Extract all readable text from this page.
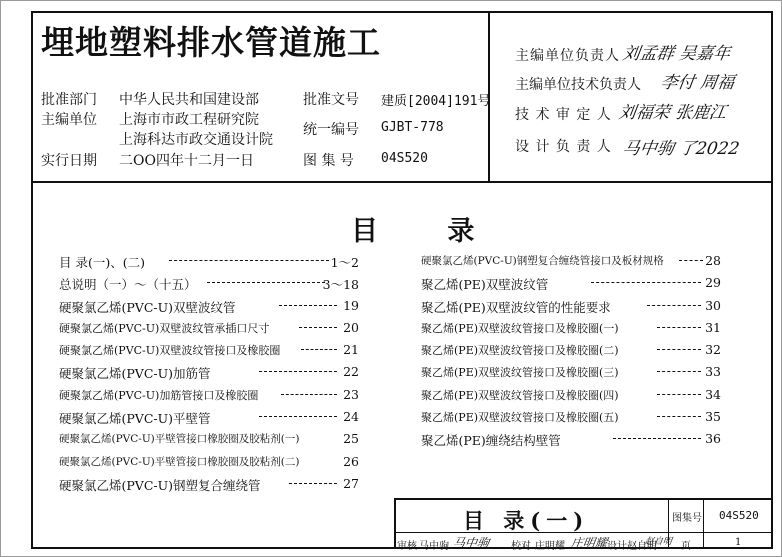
埋地塑料排水管道施工
批准部门 中华人民共和国建设部
主编单位 上海市市政工程研究院
上海科达市政交通设计院
实行日期 二OO四年十二月一日
批准文号 建质[2004]191号
统一编号 GJBT-778
图 集 号 04S520
主编单位负责人 刘孟群 吴嘉年
主编单位技术负责人 李付 周福
技 术 审 定 人 刘福荣 张鹿江
设 计 负 责 人 马中驹 了2022
目 录
目 录(一)、(二)	1～2
总说明（一）～（十五）	3～18
硬聚氯乙烯(PVC-U)双壁波纹管	19
硬聚氯乙烯(PVC-U)双壁波纹管承插口尺寸	20
硬聚氯乙烯(PVC-U)双壁波纹管接口及橡胶圈	21
硬聚氯乙烯(PVC-U)加筋管	22
硬聚氯乙烯(PVC-U)加筋管接口及橡胶圈	23
硬聚氯乙烯(PVC-U)平壁管	24
硬聚氯乙烯(PVC-U)平壁管接口橡胶圈及胶粘剂(一)	25
硬聚氯乙烯(PVC-U)平壁管接口橡胶圈及胶粘剂(二)	26
硬聚氯乙烯(PVC-U)钢塑复合缠绕管	27
硬聚氯乙烯(PVC-U)钢塑复合缠绕管接口及板材规格	28
聚乙烯(PE)双壁波纹管	29
聚乙烯(PE)双壁波纹管的性能要求	30
聚乙烯(PE)双壁波纹管接口及橡胶圈(一)	31
聚乙烯(PE)双壁波纹管接口及橡胶圈(二)	32
聚乙烯(PE)双壁波纹管接口及橡胶圈(三)	33
聚乙烯(PE)双壁波纹管接口及橡胶圈(四)	34
聚乙烯(PE)双壁波纹管接口及橡胶圈(五)	35
聚乙烯(PE)缠绕结构壁管	36
目 录(一)	图集号 04S520
审核 马中驹 马中驹 校对 庄明耀 庄明耀 设计 赵自明
赵自明 页	1
